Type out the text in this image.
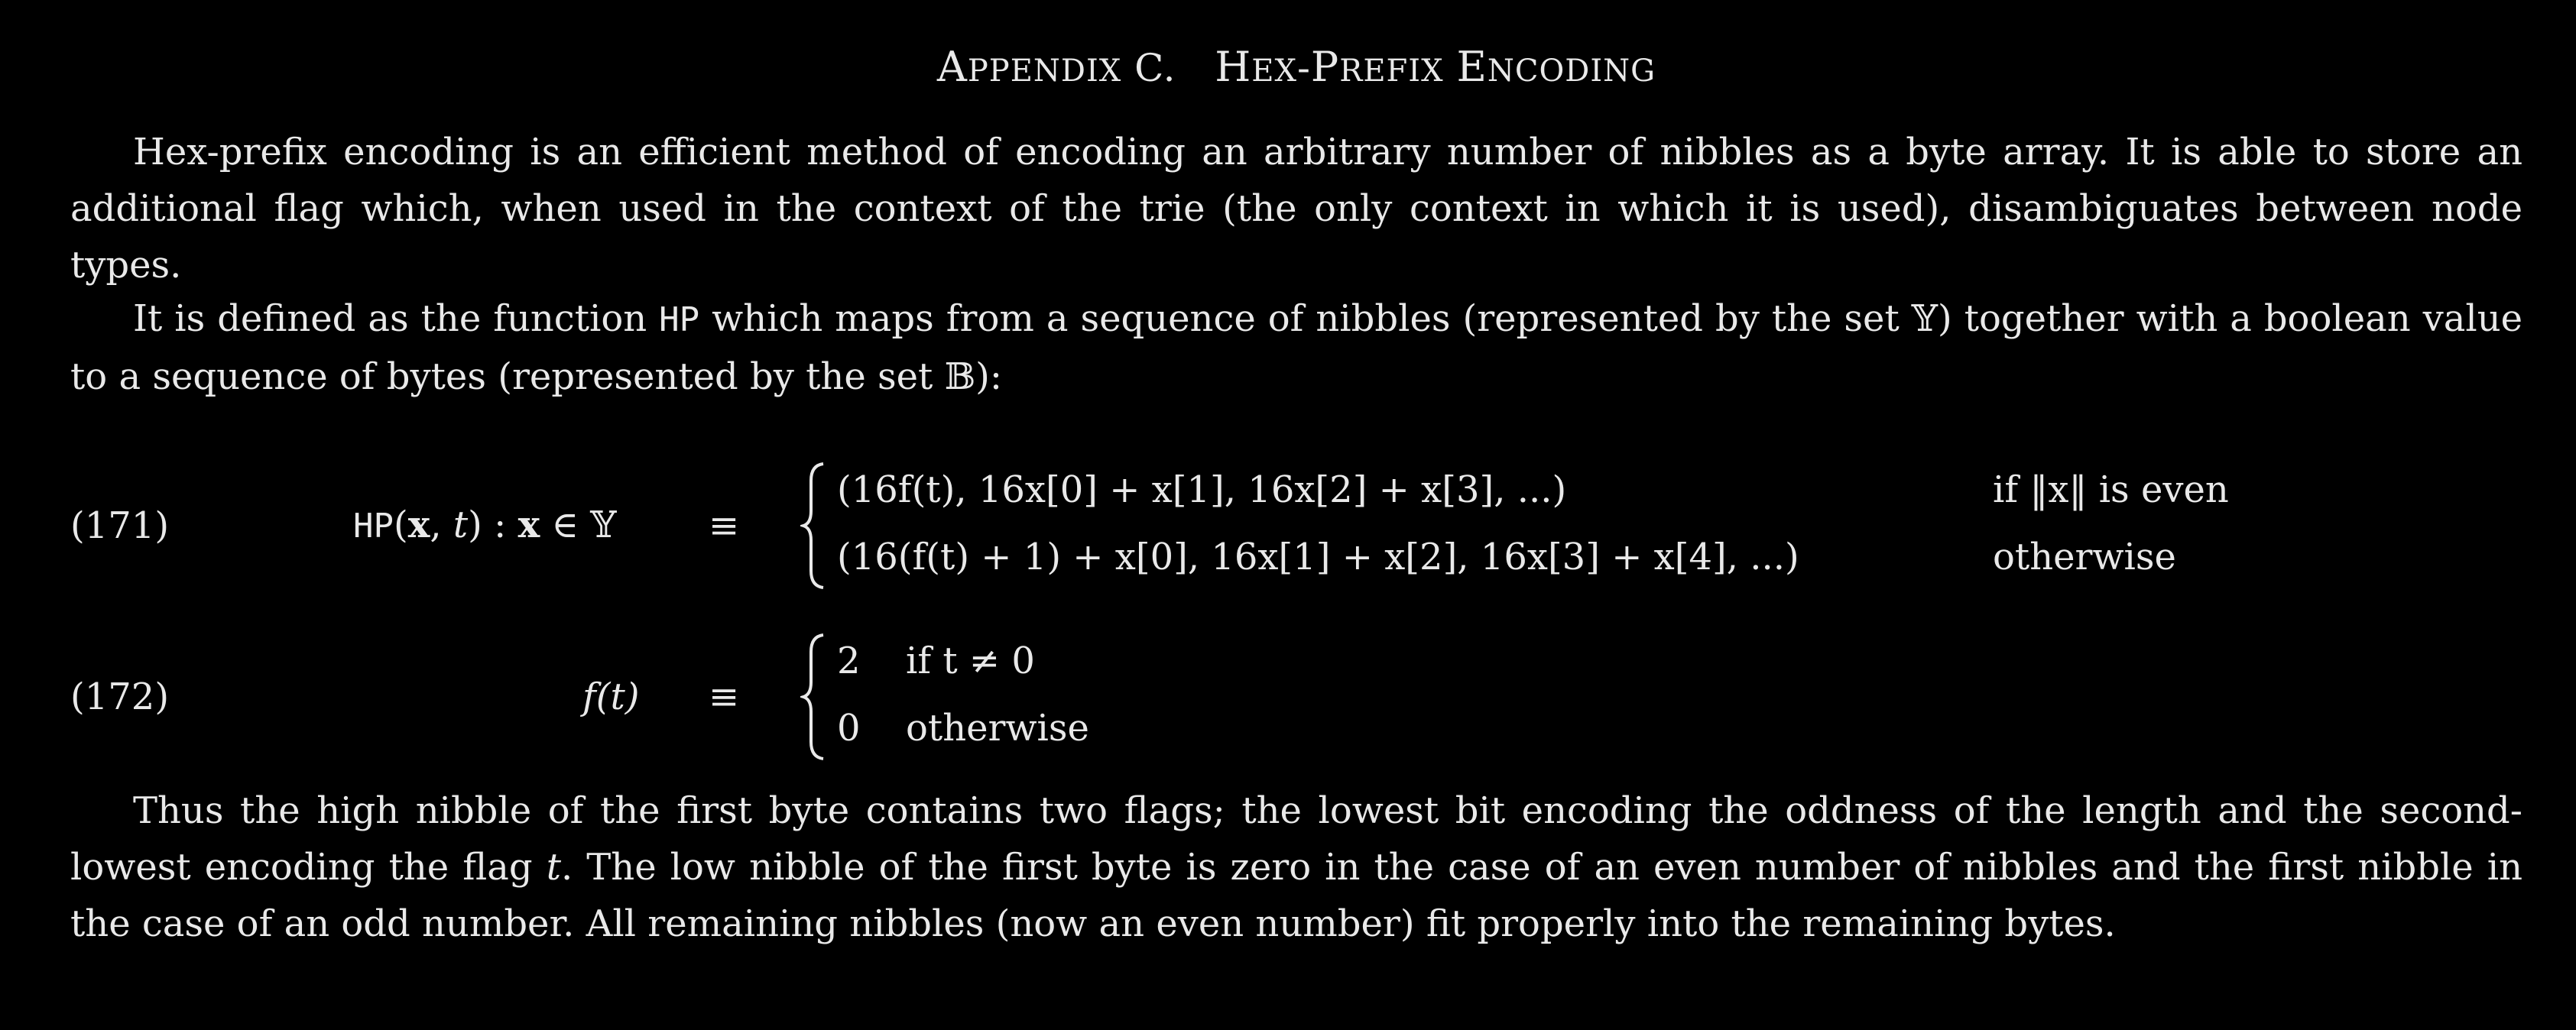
APPENDIX C.   HEX-PREFIX ENCODING

Hex-prefix encoding is an efficient method of encoding an arbitrary number of nibbles as a byte array. It is able to store an additional flag which, when used in the context of the trie (the only context in which it is used), disambiguates between node types.

It is defined as the function HP which maps from a sequence of nibbles (represented by the set 𝕐) together with a boolean value to a sequence of bytes (represented by the set 𝔹):

(171)	HP(x, t) : x ∈ 𝕐	≡
(16f(t), 16x[0] + x[1], 16x[2] + x[3], ...)	if ‖x‖ is even
(16(f(t) + 1) + x[0], 16x[1] + x[2], 16x[3] + x[4], ...)	otherwise
(172)	f(t) ≡
2 if t ≠ 0
0 otherwise

Thus the high nibble of the first byte contains two flags; the lowest bit encoding the oddness of the length and the second-lowest encoding the flag t. The low nibble of the first byte is zero in the case of an even number of nibbles and the first nibble in the case of an odd number. All remaining nibbles (now an even number) fit properly into the remaining bytes.
